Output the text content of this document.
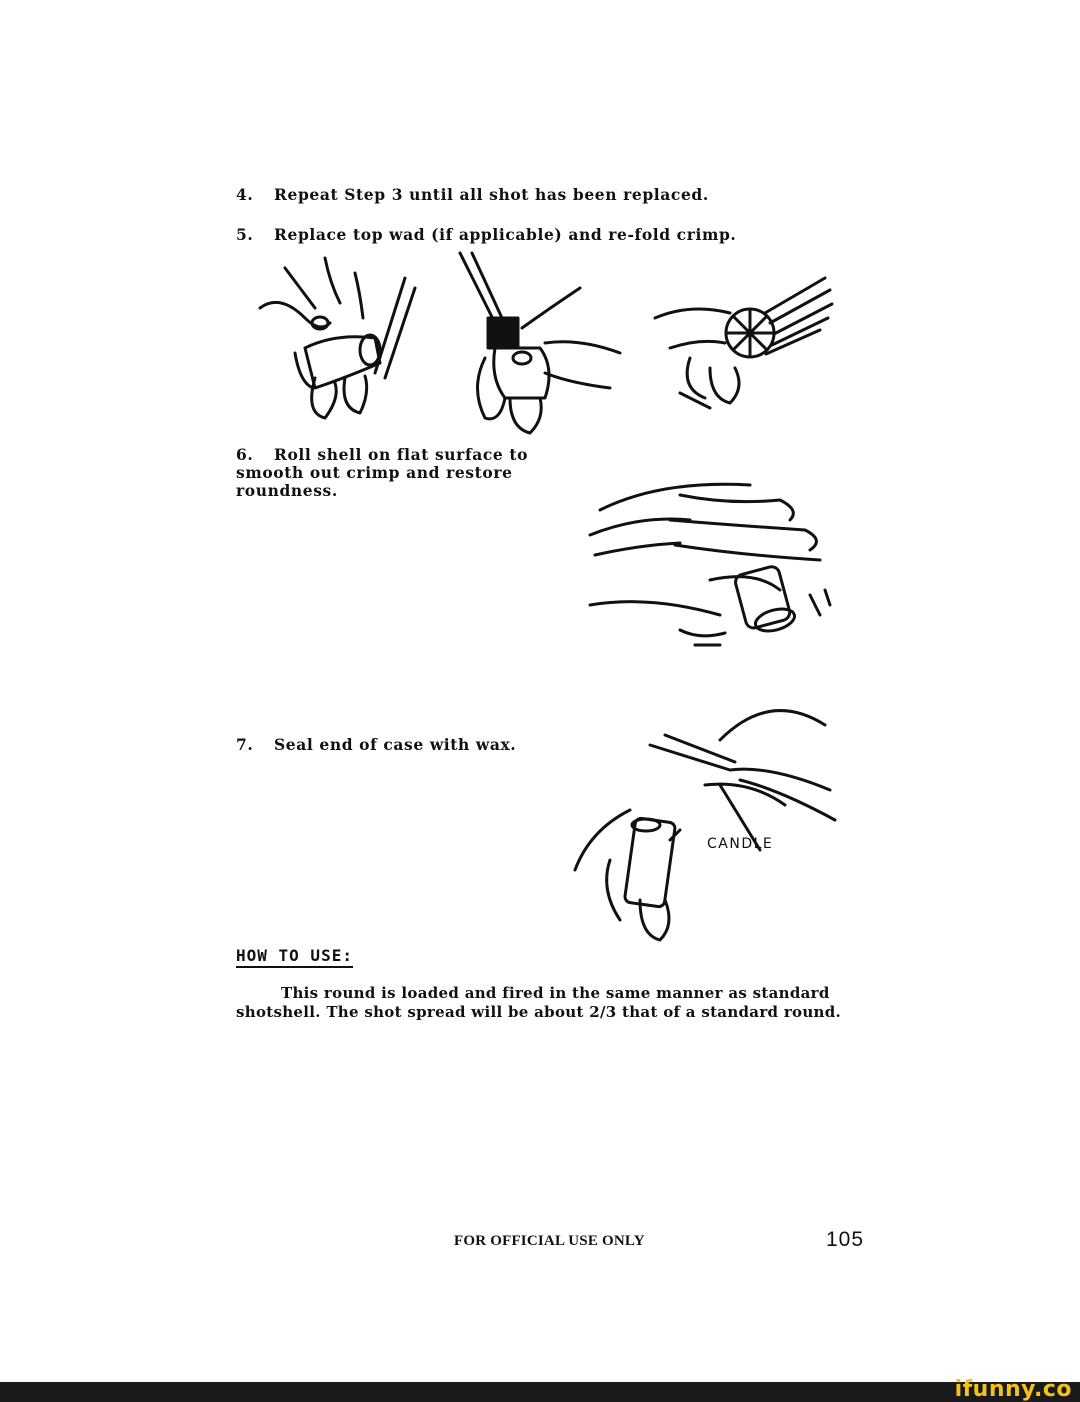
4. Repeat Step 3 until all shot has been replaced.
5. Replace top wad (if applicable) and re-fold crimp.
6. Roll shell on flat surface to
smooth out crimp and restore
roundness.
7. Seal end of case with wax.
CANDLE
HOW TO USE:
This round is loaded and fired in the same manner as standard shotshell. The shot spread will be about 2/3 that of a standard round.
FOR OFFICIAL USE ONLY	105
ifunny.co
